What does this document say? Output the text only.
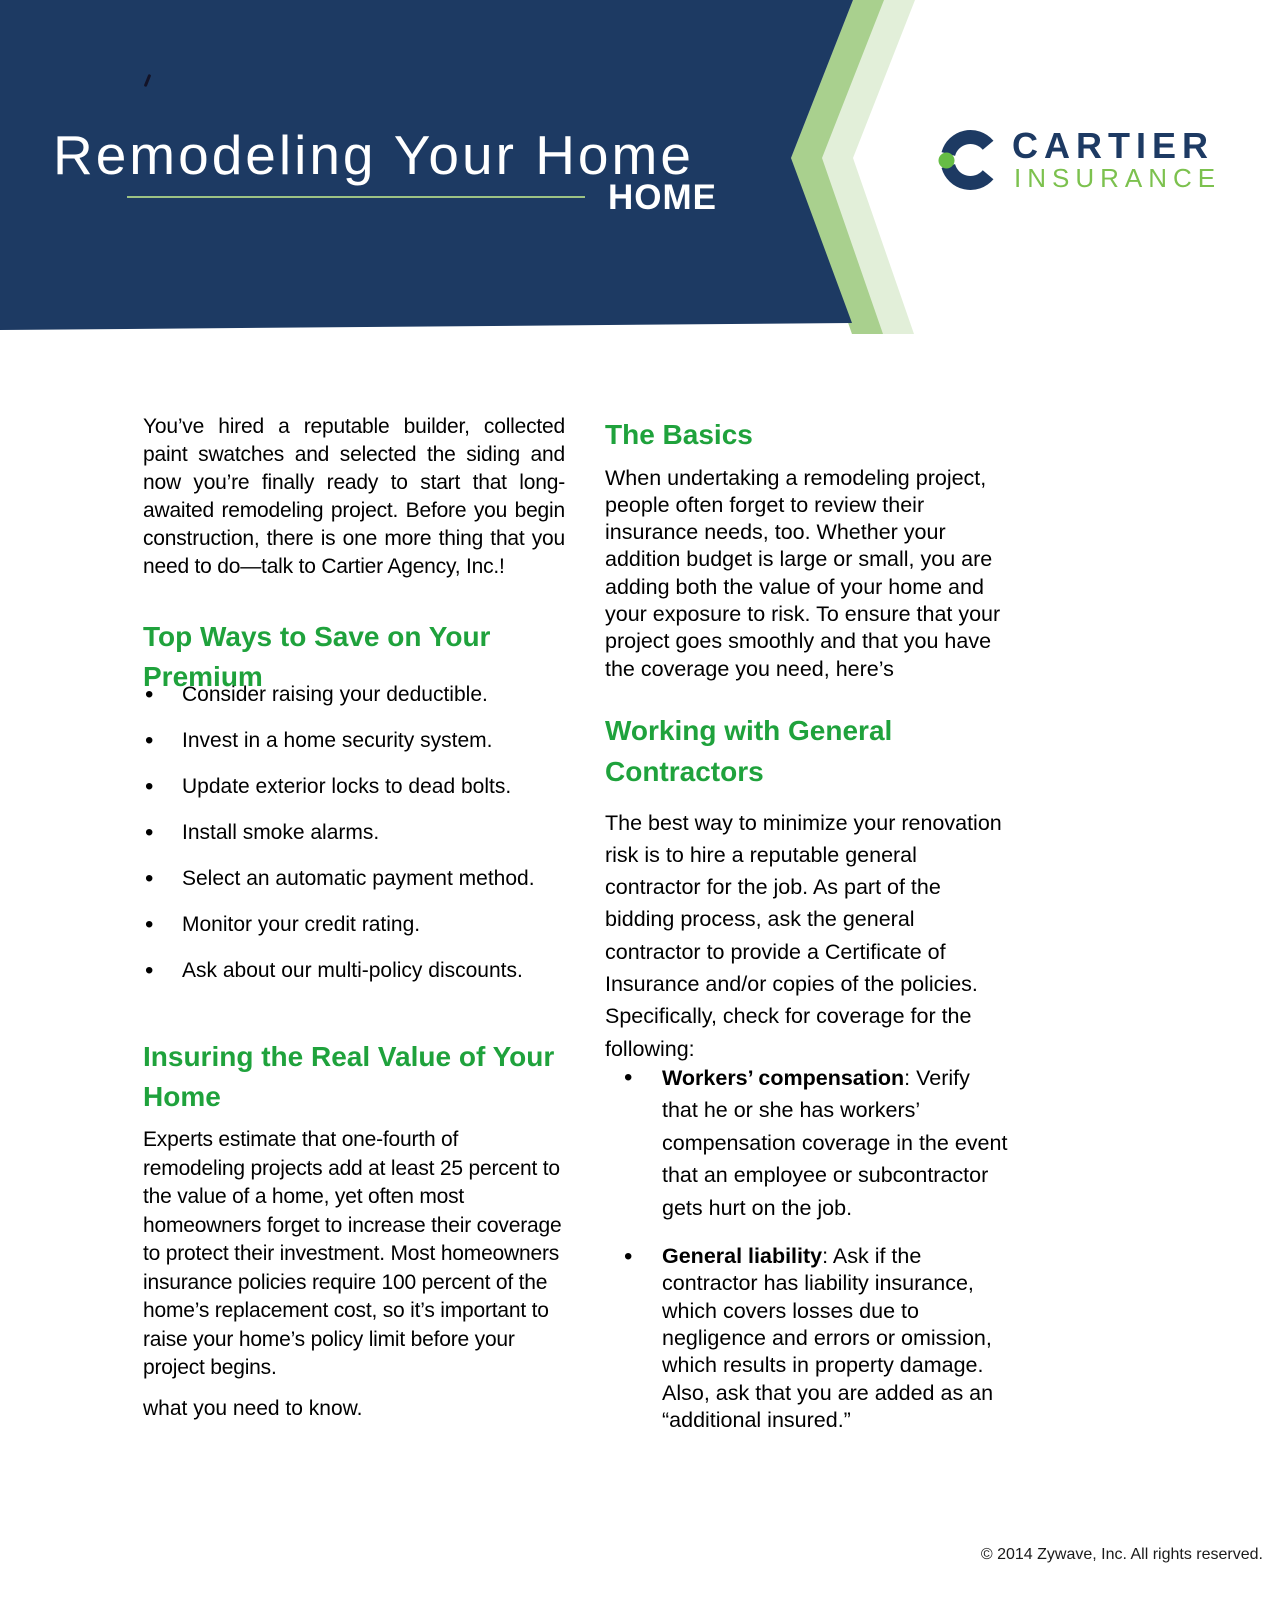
Remodeling Your Home
HOME
CARTIER
INSURANCE

You’ve hired a reputable builder, collected paint swatches and selected the siding and now you’re finally ready to start that long-awaited remodeling project. Before you begin construction, there is one more thing that you need to do—talk to Cartier Agency, Inc.!

Top Ways to Save on Your Premium
• Consider raising your deductible.
• Invest in a home security system.
• Update exterior locks to dead bolts.
• Install smoke alarms.
• Select an automatic payment method.
• Monitor your credit rating.
• Ask about our multi-policy discounts.
Insuring the Real Value of Your Home

Experts estimate that one-fourth of remodeling projects add at least 25 percent to the value of a home, yet often most homeowners forget to increase their coverage to protect their investment. Most homeowners insurance policies require 100 percent of the home’s replacement cost, so it’s important to raise your home’s policy limit before your project begins.

what you need to know.

The Basics

When undertaking a remodeling project, people often forget to review their insurance needs, too. Whether your addition budget is large or small, you are adding both the value of your home and your exposure to risk. To ensure that your project goes smoothly and that you have the coverage you need, here’s

Working with General Contractors

The best way to minimize your renovation risk is to hire a reputable general contractor for the job. As part of the bidding process, ask the general contractor to provide a Certificate of Insurance and/or copies of the policies. Specifically, check for coverage for the following:

• Workers’ compensation: Verify that he or she has workers’ compensation coverage in the event that an employee or subcontractor gets hurt on the job.
• General liability: Ask if the contractor has liability insurance, which covers losses due to negligence and errors or omission, which results in property damage. Also, ask that you are added as an “additional insured.”
© 2014 Zywave, Inc. All rights reserved.
